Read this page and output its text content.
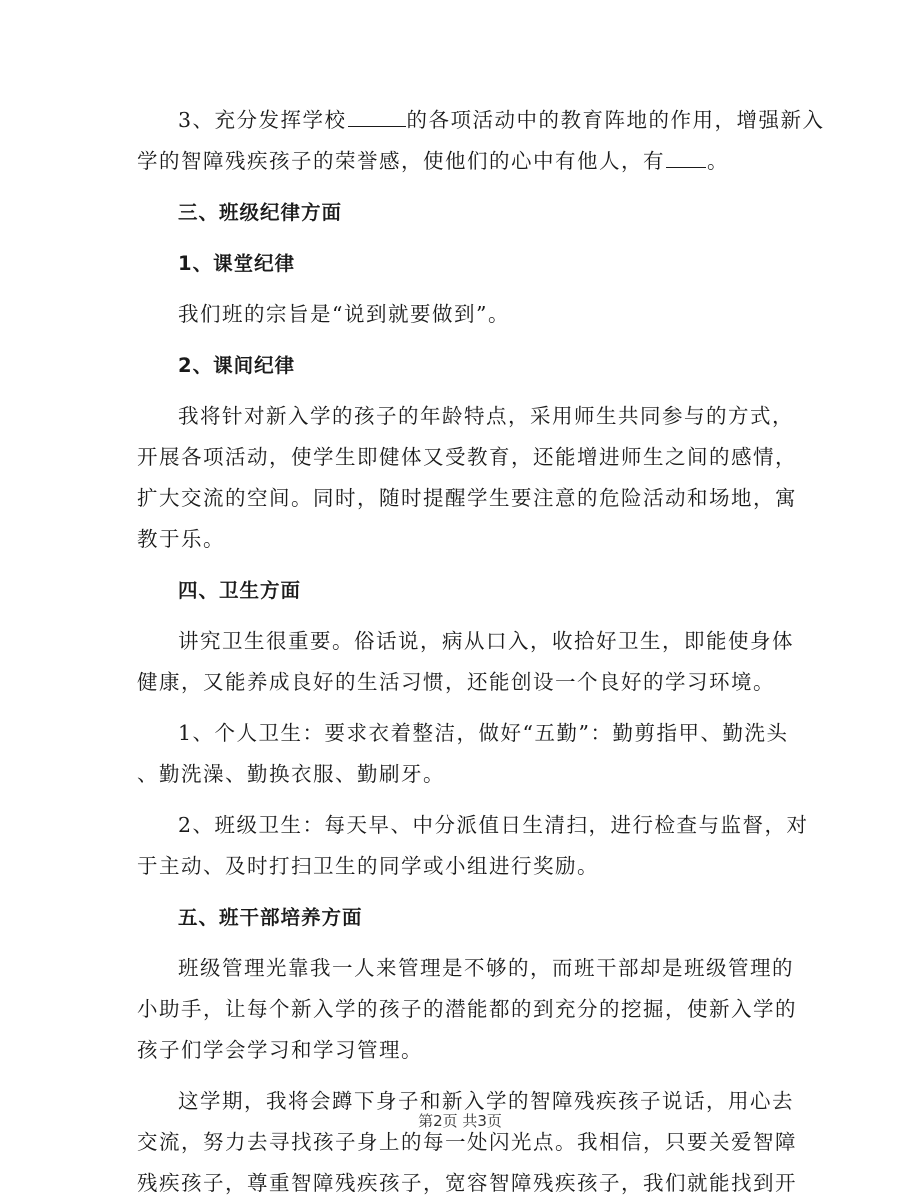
3、充分发挥学校	的各项活动中的教育阵地的作用，增强新入
学的智障残疾孩子的荣誉感，使他们的心中有他人，有 。
三、班级纪律方面
1、课堂纪律
我们班的宗旨是“说到就要做到”。
2、课间纪律
我将针对新入学的孩子的年龄特点，采用师生共同参与的方式，
开展各项活动，使学生即健体又受教育，还能增进师生之间的感情，
扩大交流的空间。同时，随时提醒学生要注意的危险活动和场地，寓
教于乐。
四、卫生方面
讲究卫生很重要。俗话说，病从口入，收拾好卫生，即能使身体
健康，又能养成良好的生活习惯，还能创设一个良好的学习环境。
1、个人卫生：要求衣着整洁，做好“五勤”：勤剪指甲、勤洗头
、勤洗澡、勤换衣服、勤刷牙。
2、班级卫生：每天早、中分派值日生清扫，进行检查与监督，对
于主动、及时打扫卫生的同学或小组进行奖励。
五、班干部培养方面
班级管理光靠我一人来管理是不够的，而班干部却是班级管理的
小助手，让每个新入学的孩子的潜能都的到充分的挖掘，使新入学的
孩子们学会学习和学习管理。
这学期，我将会蹲下身子和新入学的智障残疾孩子说话，用心去
交流，努力去寻找孩子身上的每一处闪光点。我相信，只要关爱智障
残疾孩子，尊重智障残疾孩子，宽容智障残疾孩子，我们就能找到开
第2页 共3页
